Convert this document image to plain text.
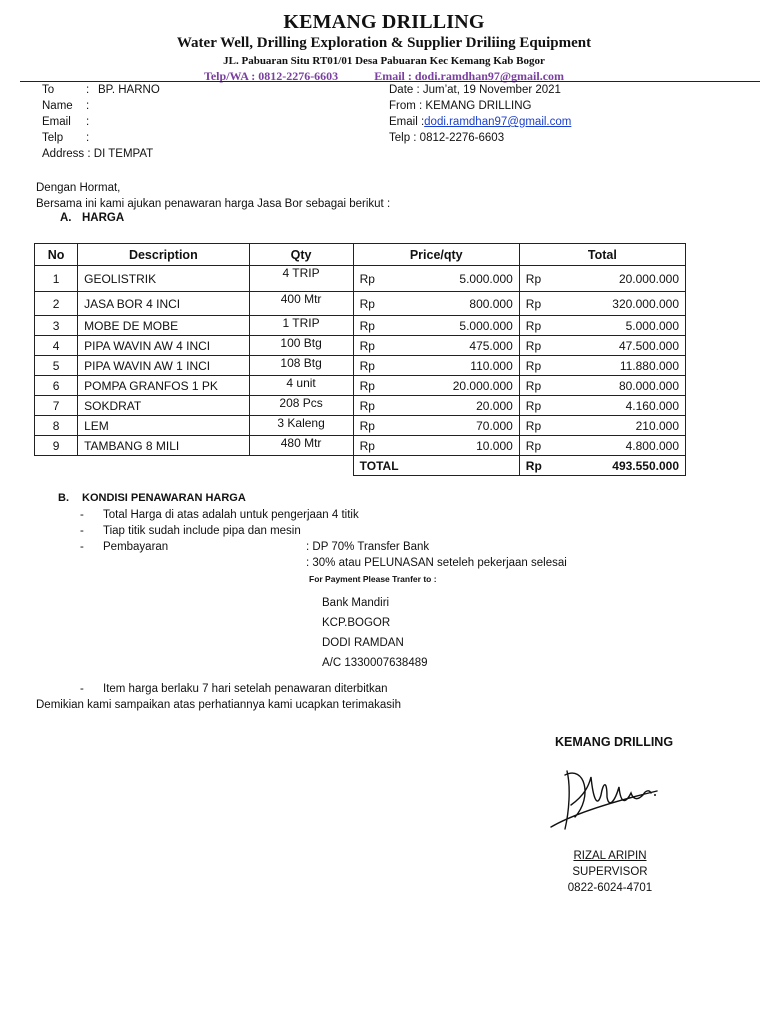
KEMANG DRILLING
Water Well, Drilling Exploration & Supplier Driliing Equipment
JL. Pabuaran Situ RT01/01 Desa Pabuaran Kec Kemang Kab Bogor
Telp/WA : 0812-2276-6603	Email : dodi.ramdhan97@gmail.com
To	: BP. HARNO
Name	:
Email	:
Telp	:
Address : DI TEMPAT
Date : Jum’at, 19 November 2021
From : KEMANG DRILLING
Email : dodi.ramdhan97@gmail.com
Telp : 0812-2276-6603
Dengan Hormat,
Bersama ini kami ajukan penawaran harga Jasa Bor sebagai berikut :
A. HARGA
No	Description	Qty	Price/qty	Total
1	GEOLISTRIK	4 TRIP	Rp 5.000.000	Rp 20.000.000

2	JASA BOR 4 INCI	400 Mtr	Rp 800.000	Rp 320.000.000

3	MOBE DE MOBE	1 TRIP	Rp 5.000.000	Rp 5.000.000

4	PIPA WAVIN AW 4 INCI	100 Btg	Rp 475.000	Rp 47.500.000

5	PIPA WAVIN AW 1 INCI	108 Btg	Rp 110.000	Rp 11.880.000

6	POMPA GRANFOS 1 PK	4 unit	Rp 20.000.000	Rp 80.000.000

7	SOKDRAT	208 Pcs	Rp 20.000	Rp 4.160.000

8	LEM	3 Kaleng	Rp 70.000	Rp 210.000

9	TAMBANG 8 MILI	480 Mtr	Rp 10.000	Rp 4.800.000

			TOTAL	Rp 493.550.000
B. KONDISI PENAWARAN HARGA
- Total Harga di atas adalah untuk pengerjaan 4 titik
- Tiap titik sudah include pipa dan mesin
- Pembayaran	: DP 70% Transfer Bank
: 30% atau PELUNASAN seteleh pekerjaan selesai
For Payment Please Tranfer to :
Bank Mandiri
KCP.BOGOR
DODI RAMDAN
A/C 1330007638489
- Item harga berlaku 7 hari setelah penawaran diterbitkan
Demikian kami sampaikan atas perhatiannya kami ucapkan terimakasih
KEMANG DRILLING
RIZAL ARIPIN
SUPERVISOR
0822-6024-4701
